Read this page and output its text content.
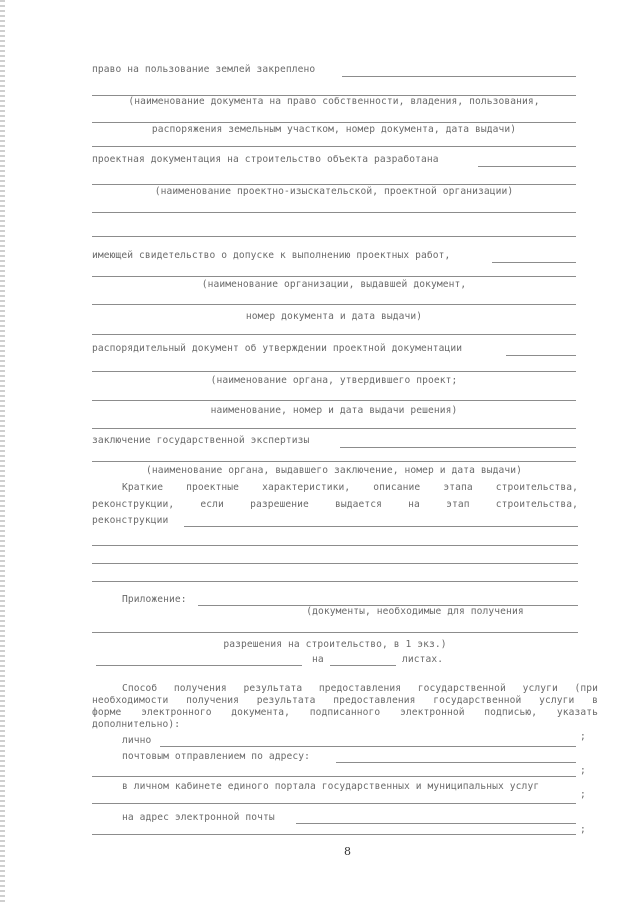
право на пользование землей закреплено
(наименование документа на право собственности, владения, пользования,
распоряжения земельным участком, номер документа, дата выдачи)
проектная документация на строительство объекта разработана
(наименование проектно-изыскательской, проектной организации)
имеющей свидетельство о допуске к выполнению проектных работ,
(наименование организации, выдавшей документ,
номер документа и дата выдачи)
распорядительный документ об утверждении проектной документации
(наименование органа, утвердившего проект;
наименование, номер и дата выдачи решения)
заключение государственной экспертизы
(наименование органа, выдавшего заключение, номер и дата выдачи)
Краткие проектные характеристики, описание этапа строительства,
реконструкции, если разрешение выдается на этап строительства,
реконструкции
Приложение:
(документы, необходимые для получения
разрешения на строительство, в 1 экз.)
на	листах.
Способ получения результата предоставления государственной услуги (при
необходимости получения результата предоставления государственной услуги в
форме электронного документа, подписанного электронной подписью, указать
дополнительно):
лично	;
почтовым отправлением по адресу:
;
в личном кабинете единого портала государственных и муниципальных услуг
;
на адрес электронной почты
;
8
